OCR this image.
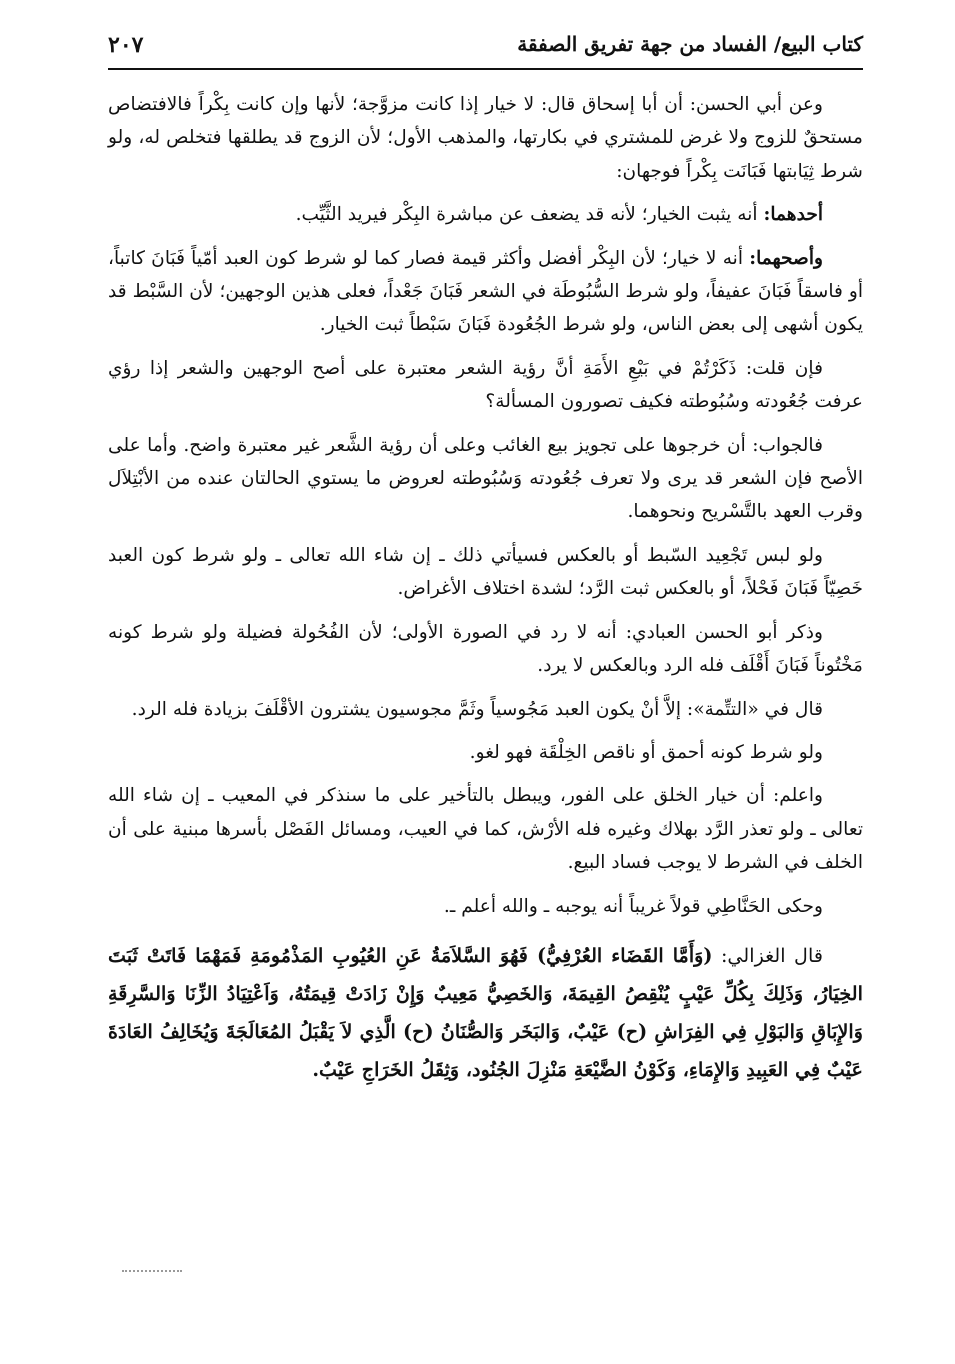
كتاب البيع/ الفساد من جهة تفريق الصفقة
٢٠٧

وعن أبي الحسن: أن أبا إسحاق قال: لا خيار إذا كانت مزوَّجة؛ لأنها وإن كانت بِكْراً فالافتضاص مستحقٌ للزوج ولا غرض للمشتري في بكارتها، والمذهب الأول؛ لأن الزوج قد يطلقها فتخلص له، ولو شرط ثِيَابتها فَبَانَت بِكْراً فوجهان:

أحدهما: أنه يثبت الخيار؛ لأنه قد يضعف عن مباشرة البِكْر فيريد الثَّيِّب.

وأصحهما: أنه لا خيار؛ لأن البِكْر أفضل وأكثر قيمة فصار كما لو شرط كون العبد أمّياً فَبَانَ كاتباً، أو فاسقاً فَبَانَ عفيفاً، ولو شرط السُّبُوطَة في الشعر فَبَانَ جَعْداً، فعلى هذين الوجهين؛ لأن السَّبْط قد يكون أشهى إلى بعض الناس، ولو شرط الجُعُودة فَبَانَ سَبْطاً ثبت الخيار.

فإن قلت: ذَكَرْتُمْ في بَيْعِ الأَمَةِ أنَّ رؤية الشعر معتبرة على أصح الوجهين والشعر إذا رؤي عرفت جُعُودته وسُبُوطته فكيف تصورون المسألة؟

فالجواب: أن خرجوها على تجويز بيع الغائب وعلى أن رؤية الشَّعر غير معتبرة واضح. وأما على الأصح فإن الشعر قد يرى ولا تعرف جُعُودته وَسُبُوطته لعروض ما يستوي الحالتان عنده من الأبْتِلاَل وقرب العهد بالتَّسْريح ونحوهما.

ولو لبس تَجْعِيد السّبط أو بالعكس فسيأتي ذلك ـ إن شاء الله تعالى ـ ولو شرط كون العبد خَصِيّاً فَبَانَ فَحْلاً، أو بالعكس ثبت الرَّد؛ لشدة اختلاف الأغراض.

وذكر أبو الحسن العبادي: أنه لا رد في الصورة الأولى؛ لأن الفُحُولة فضيلة ولو شرط كونه مَخْتُوناً فَبَانَ أَقْلَف فله الرد وبالعكس لا يرد.

قال في «التتِّمة»: إلاَّ أنْ يكون العبد مَجُوسياً وثَمَّ مجوسيون يشترون الأقْلَفَ بزيادة فله الرد.

ولو شرط كونه أحمق أو ناقص الخِلْقَة فهو لغو.

واعلم: أن خيار الخلق على الفور، ويبطل بالتأخير على ما سنذكر في المعيب ـ إن شاء الله تعالى ـ ولو تعذر الرَّد بهلاك وغيره فله الأرْش، كما في العيب، ومسائل الفَصْل بأسرها مبنية على أن الخلف في الشرط لا يوجب فساد البيع.

وحكى الحَنَّاطِي قولاً غريباً أنه يوجبه ـ والله أعلم ـ.

قال الغزالي: (وَأَمَّا القَضَاء العُرْفِيُّ) فَهُوَ السَّلاَمَةُ عَنِ العُيُوبِ المَذْمُومَةِ فَمَهْمَا فَاتَتْ ثَبَتَ الخِيَارُ، وَذَلِكَ بِكُلِّ عَيْبٍ يُنْقِصُ القِيمَةَ، وَالخَصِيُّ مَعِيبٌ وَإِنْ زَادَتْ قِيمَتُهُ، وَاَعْتِيَادُ الزِّنَا وَالسَّرِقَةِ وَالإِبَاقِ وَالبَوْلِ فِي الفِرَاشِ (ح) عَيْبٌ، وَالبَخَر وَالصُّنَانُ (ح) الَّذِي لاَ يَقْبَلُ المُعَالَجَةَ وَيُخَالِفُ العَادَةَ عَيْبٌ فِي العَبِيدِ وَالإِمَاءِ، وَكَوْنُ الضَّيْعَةِ مَنْزِلَ الجُنُود، وَثِقَلُ الخَرَاجِ عَيْبٌ.
